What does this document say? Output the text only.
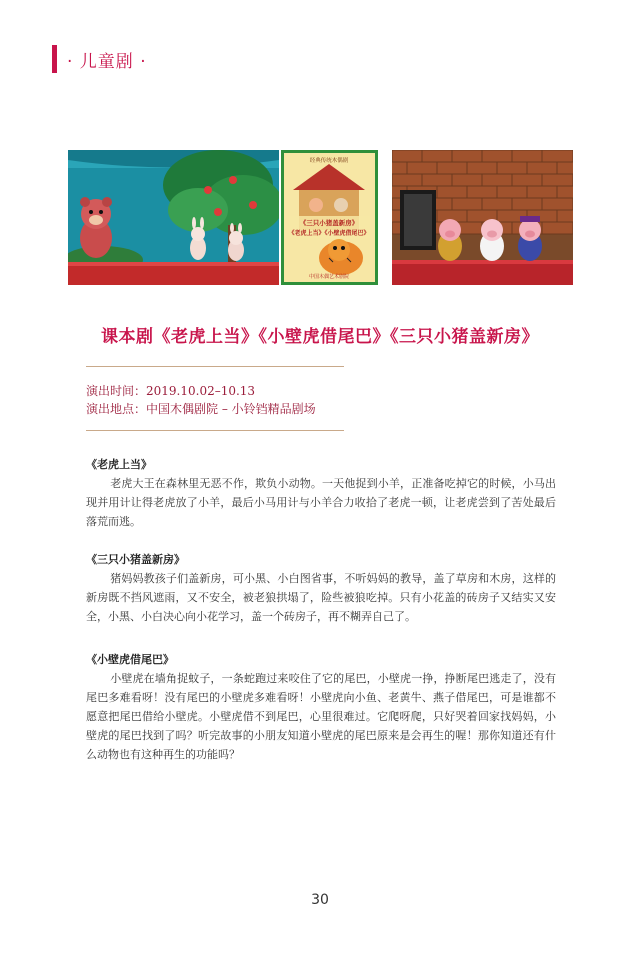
· 儿童剧 ·
经典传统木偶剧
《三只小猪盖新房》
《老虎上当》《小壁虎借尾巴》
中国木偶艺术剧院
课本剧《老虎上当》《小壁虎借尾巴》《三只小猪盖新房》
演出时间：2019.10.02–10.13
演出地点：中国木偶剧院 – 小铃铛精品剧场
《老虎上当》
老虎大王在森林里无恶不作，欺负小动物。一天他捉到小羊，正准备吃掉它的时候，小马出现并用计让得老虎放了小羊，最后小马用计与小羊合力收拾了老虎一顿，让老虎尝到了苦处最后落荒而逃。
《三只小猪盖新房》
猪妈妈教孩子们盖新房，可小黑、小白图省事，不听妈妈的教导，盖了草房和木房，这样的新房既不挡风遮雨，又不安全，被老狼拱塌了，险些被狼吃掉。只有小花盖的砖房子又结实又安全，小黑、小白决心向小花学习，盖一个砖房子，再不糊弄自己了。
《小壁虎借尾巴》
小壁虎在墙角捉蚊子，一条蛇跑过来咬住了它的尾巴，小壁虎一挣，挣断尾巴逃走了，没有尾巴多难看呀！没有尾巴的小壁虎多难看呀！小壁虎向小鱼、老黄牛、燕子借尾巴，可是谁都不愿意把尾巴借给小壁虎。小壁虎借不到尾巴，心里很难过。它爬呀爬，只好哭着回家找妈妈，小壁虎的尾巴找到了吗？听完故事的小朋友知道小壁虎的尾巴原来是会再生的喔！那你知道还有什么动物也有这种再生的功能吗？
30
